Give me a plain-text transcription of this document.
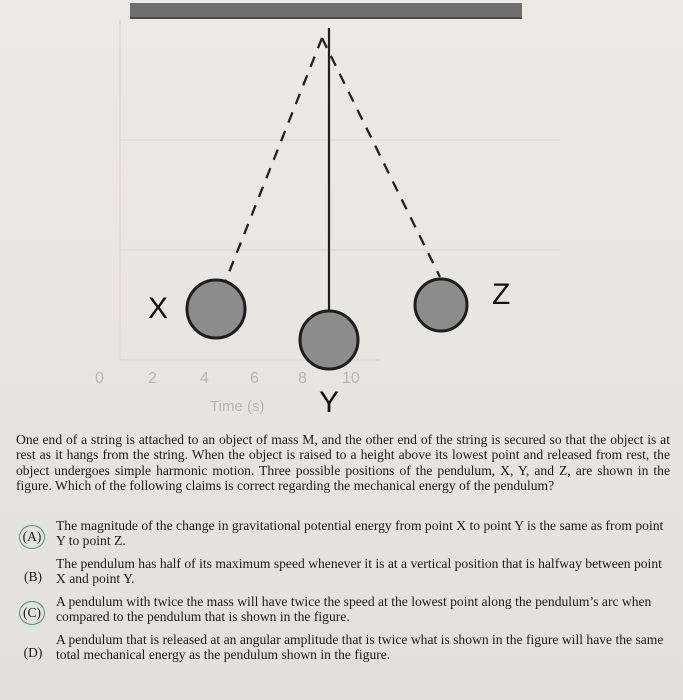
Time (s)
0	2	4	6 8 10
X
Y
Z
One end of a string is attached to an object of mass M, and the other end of the string is secured so that the object is at rest as it hangs from the string. When the object is raised to a height above its lowest point and released from rest, the object undergoes simple harmonic motion. Three possible positions of the pendulum, X, Y, and Z, are shown in the figure. Which of the following claims is correct regarding the mechanical energy of the pendulum?
(A)
The magnitude of the change in gravitational potential energy from point X to point Y is the same as from point Y to point Z.
(B)
The pendulum has half of its maximum speed whenever it is at a vertical position that is halfway between point X and point Y.
(C)
A pendulum with twice the mass will have twice the speed at the lowest point along the pendulum’s arc when compared to the pendulum that is shown in the figure.
(D)
A pendulum that is released at an angular amplitude that is twice what is shown in the figure will have the same total mechanical energy as the pendulum shown in the figure.
